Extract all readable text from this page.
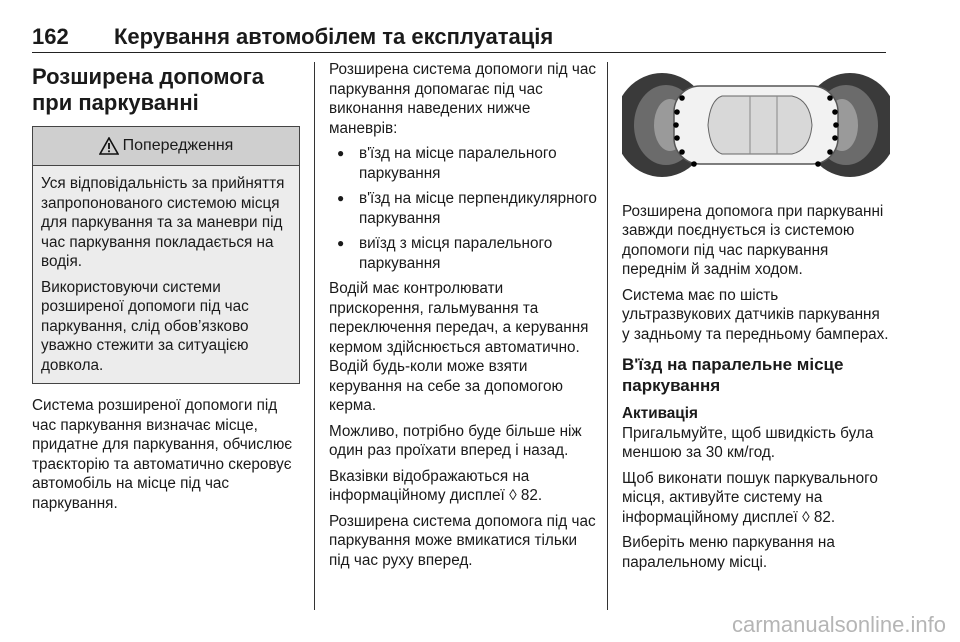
162 Керування автомобілем та експлуатація
Розширена допомога при паркуванні
Попередження

Уся відповідальність за прийняття запропонованого системою місця для паркування та за маневри під час паркування покладається на водія.

Використовуючи системи розширеної допомоги під час паркування, слід обов’язково уважно стежити за ситуацією довкола.

Система розширеної допомоги під час паркування визначає місце, придатне для паркування, обчислює траєкторію та автоматично скеровує автомобіль на місце під час паркування.

Розширена система допомоги під час паркування допомагає під час виконання наведених нижче маневрів:

● в'їзд на місце паралельного паркування
● в'їзд на місце перпендикулярного паркування
● виїзд з місця паралельного паркування

Водій має контролювати прискорення, гальмування та переключення передач, а керування кермом здійснюється автоматично. Водій будь-коли може взяти керування на себе за допомогою керма.

Можливо, потрібно буде більше ніж один раз проїхати вперед і назад.

Вказівки відображаються на інформаційному дисплеї ◊ 82.

Розширена система допомога під час паркування може вмикатися тільки під час руху вперед.

Розширена допомога при паркуванні завжди поєднується із системою допомоги під час паркування переднім й заднім ходом.

Система має по шість ультразвукових датчиків паркування у задньому та передньому бамперах.

В'їзд на паралельне місце паркування

Активація

Пригальмуйте, щоб швидкість була меншою за 30 км/год.

Щоб виконати пошук паркувального місця, активуйте систему на інформаційному дисплеї ◊ 82.

Виберіть меню паркування на паралельному місці.

carmanualsonline.info
